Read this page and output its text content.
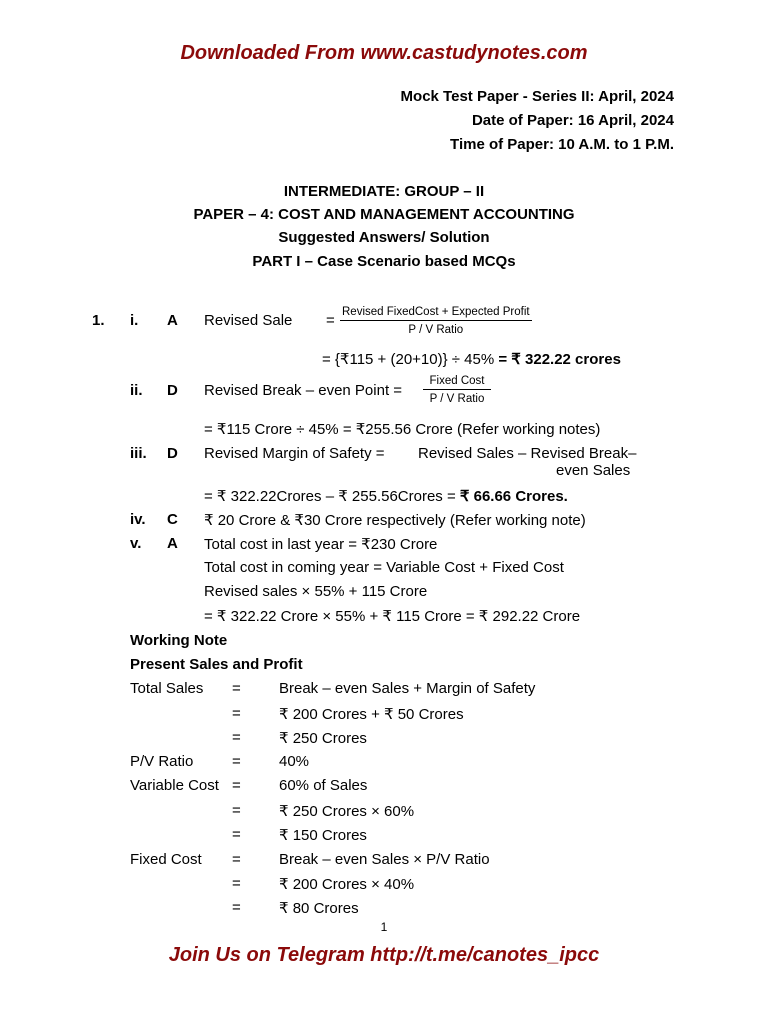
Downloaded From www.castudynotes.com
Mock Test Paper - Series II: April, 2024
Date of Paper: 16 April, 2024
Time of Paper: 10 A.M. to 1 P.M.
INTERMEDIATE: GROUP – II
PAPER – 4: COST AND MANAGEMENT ACCOUNTING
Suggested Answers/ Solution
PART I – Case Scenario based MCQs
1. i. A Revised Sale = Revised FixedCost + Expected Profit
P / V Ratio
= {₹115 + (20+10)} ÷ 45% = ₹ 322.22 crores
ii. D Revised Break – even Point =
Fixed Cost
P / V Ratio
= ₹115 Crore ÷ 45% = ₹255.56 Crore (Refer working notes)
iii. D Revised Margin of Safety = Revised Sales – Revised Break–
even Sales
= ₹ 322.22Crores – ₹ 255.56Crores = ₹ 66.66 Crores.
iv. C ₹ 20 Crore & ₹30 Crore respectively (Refer working note)
v. A Total cost in last year = ₹230 Crore
Total cost in coming year = Variable Cost + Fixed Cost
Revised sales × 55% + 115 Crore
= ₹ 322.22 Crore × 55% + ₹ 115 Crore = ₹ 292.22 Crore
Working Note
Present Sales and Profit
Total Sales =	Break – even Sales + Margin of Safety
=	₹ 200 Crores + ₹ 50 Crores
=	₹ 250 Crores
P/V Ratio	=	40%
Variable Cost =	60% of Sales
=	₹ 250 Crores × 60%
=	₹ 150 Crores
Fixed Cost =	Break – even Sales × P/V Ratio
=	₹ 200 Crores × 40%
=	₹ 80 Crores
1
Join Us on Telegram http://t.me/canotes_ipcc
